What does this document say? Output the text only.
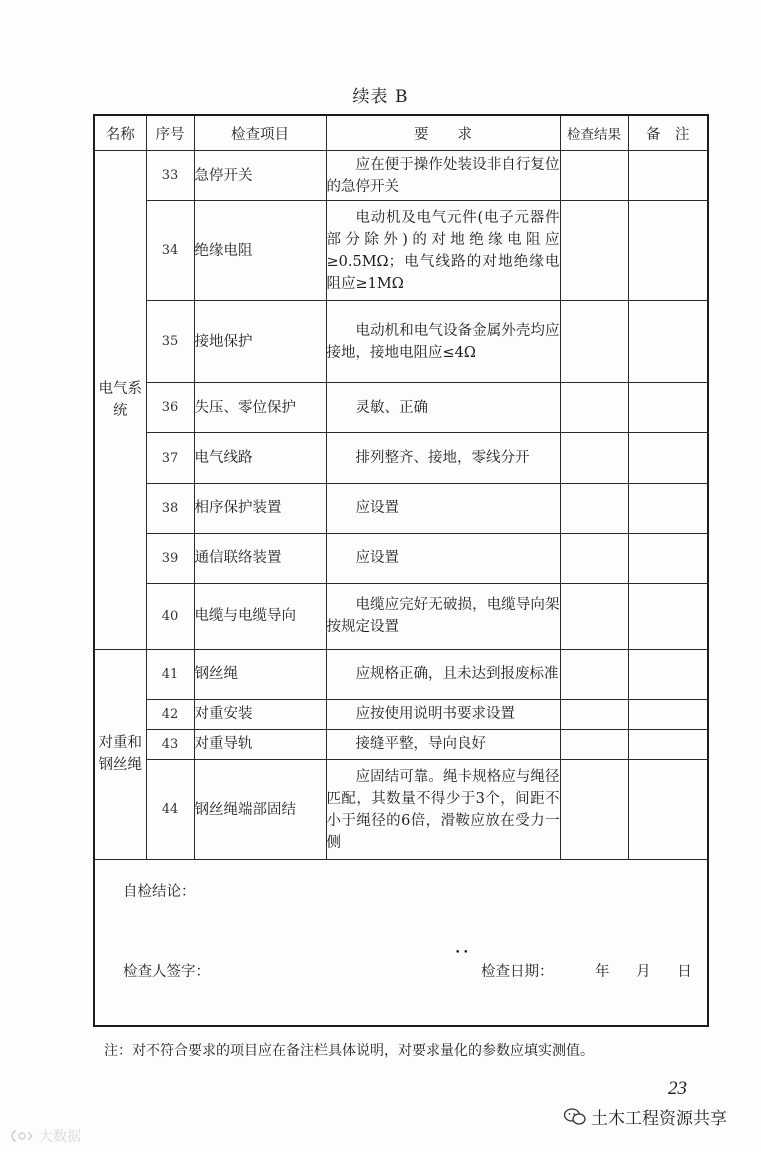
续表 B
名称	序号	检查项目	要　　求	检查结果	备　注
电气系统	33	急停开关	应在便于操作处装设非自行复位的急停开关		
	34	绝缘电阻	电动机及电气元件(电子元器件部分除外)的对地绝缘电阻应≥0.5MΩ；电气线路的对地绝缘电阻应≥1MΩ		
	35	接地保护	电动机和电气设备金属外壳均应接地，接地电阻应≤4Ω		
	36	失压、零位保护	灵敏、正确		
	37	电气线路	排列整齐、接地，零线分开		
	38	相序保护装置	应设置		
	39	通信联络装置	应设置		
	40	电缆与电缆导向	电缆应完好无破损，电缆导向架按规定设置		
对重和钢丝绳	41	钢丝绳	应规格正确，且未达到报废标准		
	42	对重安装	应按使用说明书要求设置		
	43	对重导轨	接缝平整，导向良好		
	44	钢丝绳端部固结	应固结可靠。绳卡规格应与绳径匹配，其数量不得少于3个，间距不小于绳径的6倍，滑鞍应放在受力一侧		

自检结论：
• •
检查人签字： 检查日期： 年 月 日					
注：对不符合要求的项目应在备注栏具体说明，对要求量化的参数应填实测值。
23
土木工程资源共享
大数据
